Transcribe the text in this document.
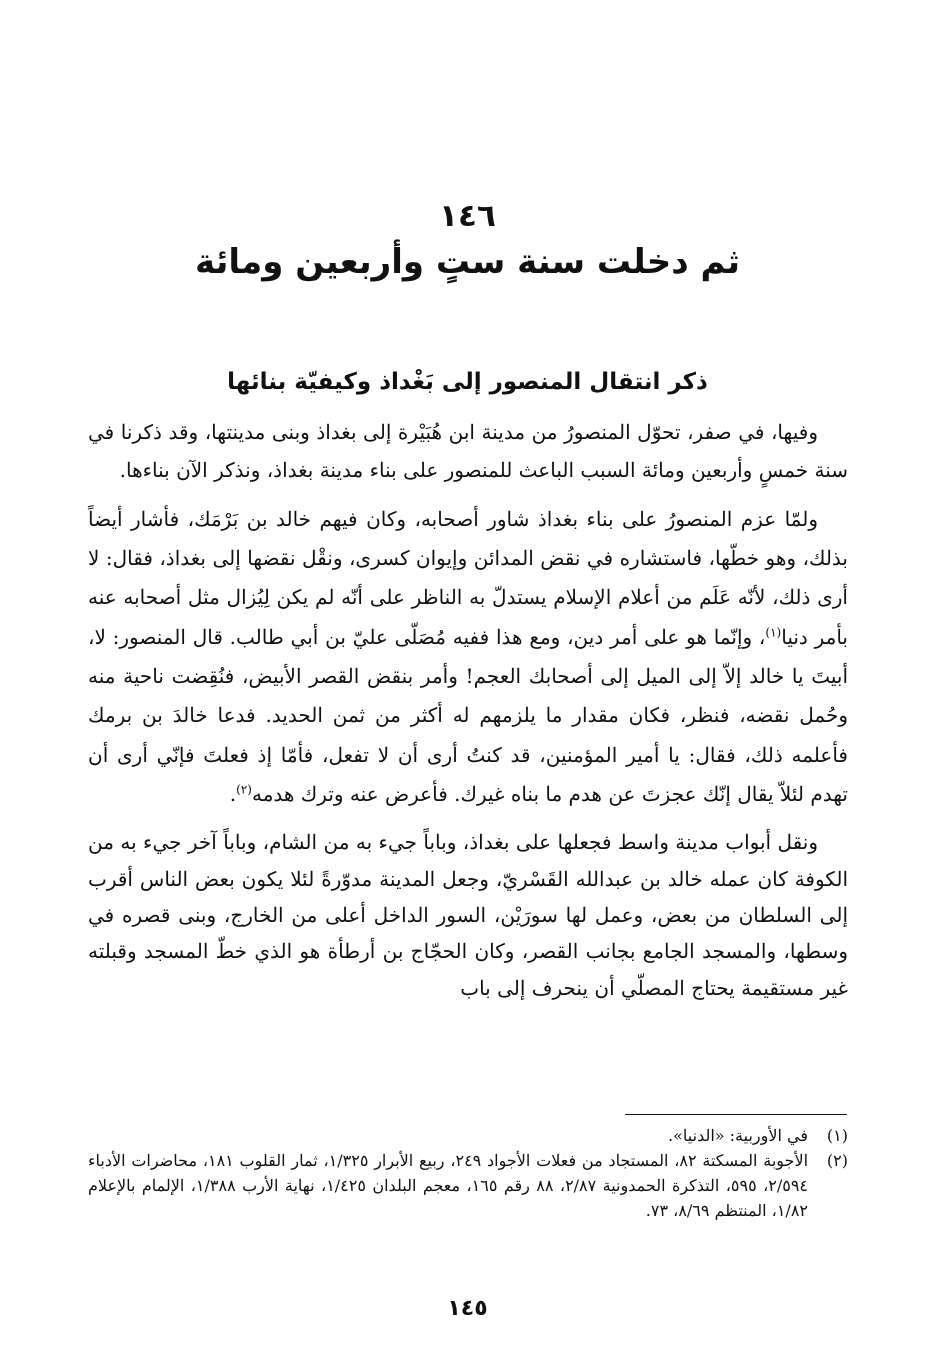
١٤٦
ثم دخلت سنة ستٍ وأربعين ومائة
ذكر انتقال المنصور إلى بَغْداذ وكيفيّة بنائها

وفيها، في صفر، تحوّل المنصورُ من مدينة ابن هُبَيْرة إلى بغداذ وبنى مدينتها، وقد ذكرنا في سنة خمسٍ وأربعين ومائة السبب الباعث للمنصور على بناء مدينة بغداذ، ونذكر الآن بناءها.

ولمّا عزم المنصورُ على بناء بغداذ شاور أصحابه، وكان فيهم خالد بن بَرْمَك، فأشار أيضاً بذلك، وهو خطّها، فاستشاره في نقض المدائن وإيوان كسرى، ونقْل نقضها إلى بغداذ، فقال: لا أرى ذلك، لأنّه عَلَم من أعلام الإسلام يستدلّ به الناظر على أنّه لم يكن لِيُزال مثل أصحابه عنه بأمر دنيا$^{(١)}$، وإنّما هو على أمر دين، ومع هذا ففيه مُصَلّى عليّ بن أبي طالب. قال المنصور: لا، أبيتَ يا خالد إلاّ إلى الميل إلى أصحابك العجم! وأمر بنقض القصر الأبيض، فنُقِضت ناحية منه وحُمل نقضه، فنظر، فكان مقدار ما يلزمهم له أكثر من ثمن الحديد. فدعا خالدَ بن برمك فأعلمه ذلك، فقال: يا أمير المؤمنين، قد كنتُ أرى أن لا تفعل، فأمّا إذ فعلتَ فإنّي أرى أن تهدم لئلاّ يقال إنّك عجزتَ عن هدم ما بناه غيرك. فأعرض عنه وترك هدمه$^{(٢)}$.

ونقل أبواب مدينة واسط فجعلها على بغداذ، وباباً جيء به من الشام، وباباً آخر جيء به من الكوفة كان عمله خالد بن عبدالله القَسْريّ، وجعل المدينة مدوّرةً لئلا يكون بعض الناس أقرب إلى السلطان من بعض، وعمل لها سورَيْن، السور الداخل أعلى من الخارج، وبنى قصره في وسطها، والمسجد الجامع بجانب القصر، وكان الحجّاج بن أرطأة هو الذي خطّ المسجد وقبلته غير مستقيمة يحتاج المصلّي أن ينحرف إلى باب

(١)

في الأوربية: «الدنيا».

(٢)

الأجوبة المسكتة ٨٢، المستجاد من فعلات الأجواد ٢٤٩، ربيع الأبرار ١/٣٢٥، ثمار القلوب ١٨١، محاضرات الأدباء ٢/٥٩٤، ٥٩٥، التذكرة الحمدونية ٢/٨٧، ٨٨ رقم ١٦٥، معجم البلدان ١/٤٢٥، نهاية الأرب ١/٣٨٨، الإلمام بالإعلام ١/٨٢، المنتظم ٨/٦٩، ٧٣.

١٤٥
